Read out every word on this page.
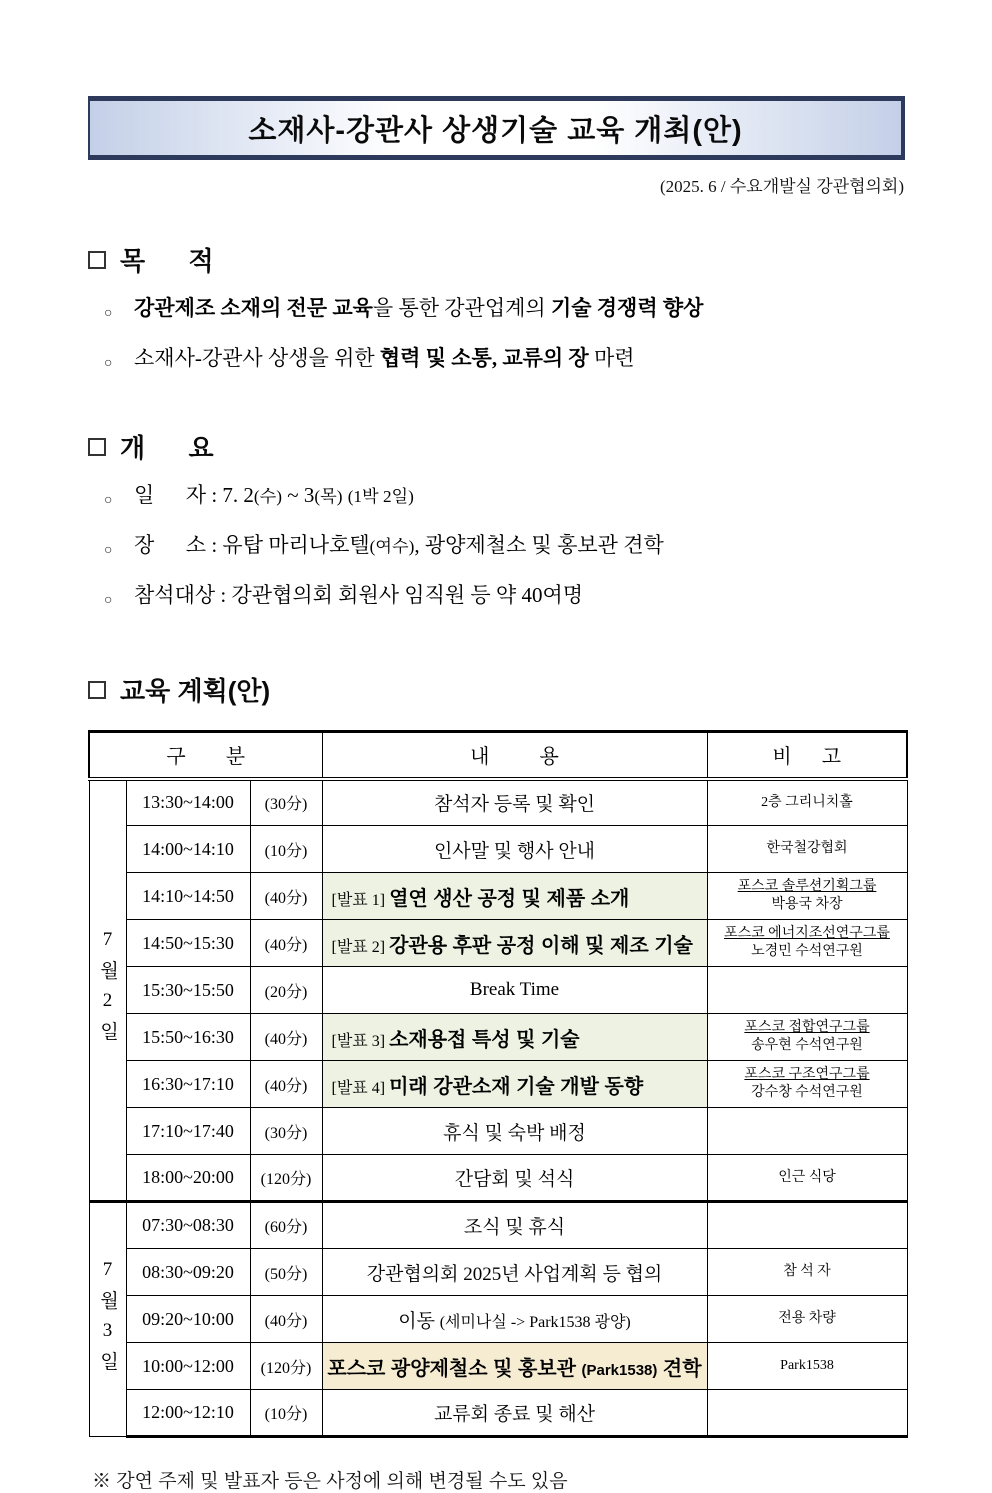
소재사-강관사 상생기술 교육 개최(안)
(2025. 6 / 수요개발실 강관협의회)
목      적
○	강관제조 소재의 전문 교육을 통한 강관업계의 기술 경쟁력 향상
○	소재사-강관사 상생을 위한 협력 및 소통, 교류의 장 마련
개      요
○	일      자 : 7. 2(수) ~ 3(목) (1박 2일)
○	장      소 : 유탑 마리나호텔(여수), 광양제철소 및 홍보관 견학
○	참석대상 : 강관협의회 회원사 임직원 등 약 40여명
교육 계획(안)
구        분			내          용	비      고
7월2일	13:30~14:00	(30分)	참석자 등록 및 확인	2층 그리니치홀

	14:00~14:10	(10分)	인사말 및 행사 안내	한국철강협회

	14:10~14:50	(40分)	[발표 1] 열연 생산 공정 및 제품 소개	포스코 솔루션기획그룹
박용국 차장

	14:50~15:30	(40分)	[발표 2] 강관용 후판 공정 이해 및 제조 기술	포스코 에너지조선연구그룹
노경민 수석연구원

	15:30~15:50	(20分)	Break Time	

	15:50~16:30	(40分)	[발표 3] 소재용접 특성 및 기술	포스코 접합연구그룹
송우현 수석연구원

	16:30~17:10	(40分)	[발표 4] 미래 강관소재 기술 개발 동향	포스코 구조연구그룹
강수창 수석연구원

	17:10~17:40	(30分)	휴식 및 숙박 배정	

	18:00~20:00	(120分)	간담회 및 석식	인근 식당

7월3일	07:30~08:30	(60分)	조식 및 휴식	

	08:30~09:20	(50分)	강관협의회 2025년 사업계획 등 협의	참 석 자

	09:20~10:00	(40分)	이동 (세미나실 -> Park1538 광양)	전용 차량

	10:00~12:00	(120分)	포스코 광양제철소 및 홍보관 (Park1538) 견학	Park1538

	12:00~12:10	(10分)	교류회 종료 및 해산	
※ 강연 주제 및 발표자 등은 사정에 의해 변경될 수도 있음
